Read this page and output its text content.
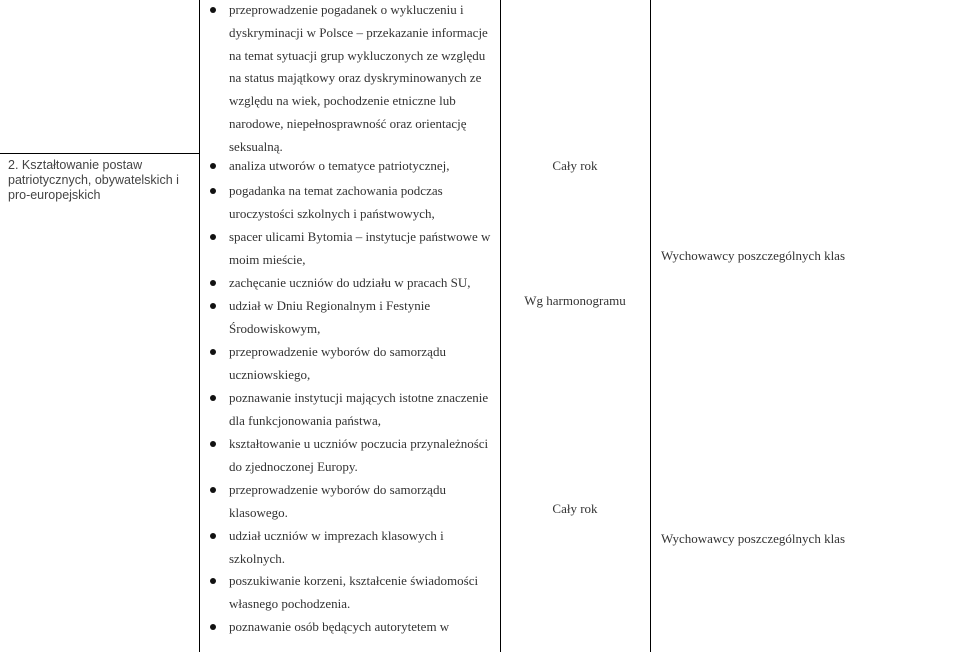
2. Kształtowanie postaw
patriotycznych, obywatelskich i
pro-europejskich
przeprowadzenie pogadanek o wykluczeniu i
dyskryminacji w Polsce – przekazanie informacje
na temat sytuacji grup wykluczonych ze względu
na status majątkowy oraz dyskryminowanych ze
względu na wiek, pochodzenie etniczne lub
narodowe, niepełnosprawność oraz orientację
seksualną.
analiza utworów o tematyce patriotycznej,
pogadanka na temat zachowania podczas
uroczystości szkolnych i państwowych,
spacer ulicami Bytomia – instytucje państwowe w
moim mieście,
zachęcanie uczniów do udziału w pracach SU,
udział w Dniu Regionalnym i Festynie
Środowiskowym,
przeprowadzenie wyborów do samorządu
uczniowskiego,
poznawanie instytucji mających istotne znaczenie
dla funkcjonowania państwa,
kształtowanie u uczniów poczucia przynależności
do zjednoczonej Europy.
przeprowadzenie wyborów do samorządu
klasowego.
udział uczniów w imprezach klasowych i
szkolnych.
poszukiwanie korzeni, kształcenie świadomości
własnego pochodzenia.
poznawanie osób będących autorytetem w
Cały rok
Wg harmonogramu
Cały rok
Wychowawcy poszczególnych klas
Wychowawcy poszczególnych klas
